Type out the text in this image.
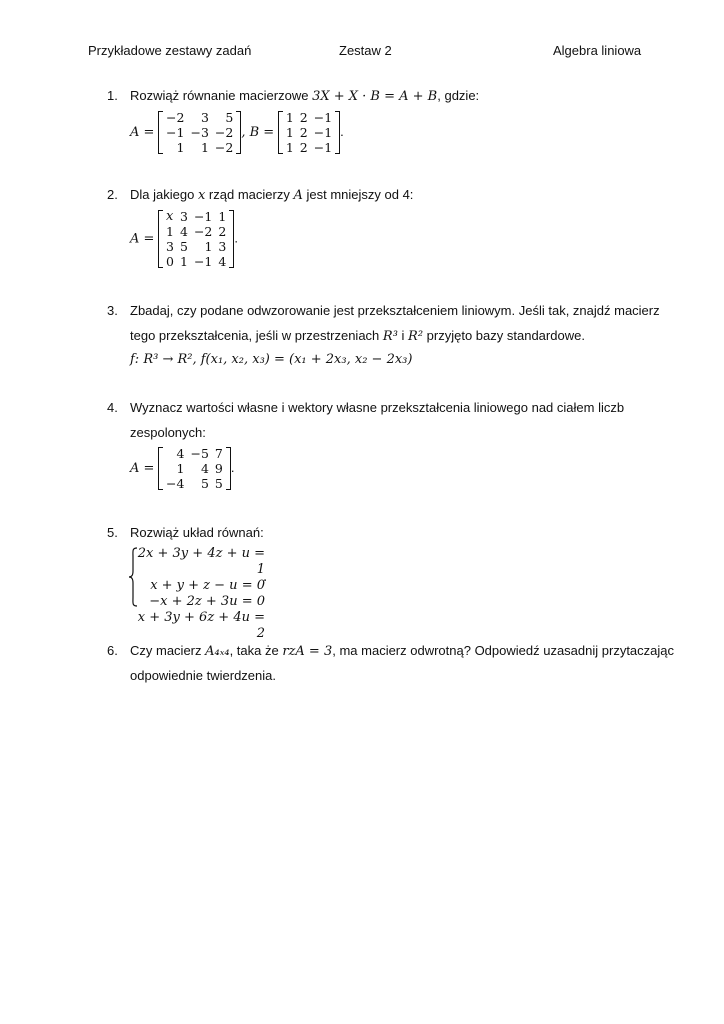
Przykładowe zestawy zadań	Zestaw 2	Algebra liniowa
1. Rozwiąż równanie macierzowe 3X + X · B = A + B, gdzie:
A =
−2	3	5
−1 −3 −2
1	1 −2
, B =
1 2 −1
1 2 −1
1 2 −1
.
2. Dla jakiego x rząd macierzy A jest mniejszy od 4:
A =
x 3 −1 1
1 4 −2 2
3 5	1 3
0 1 −1 4
.
3. Zbadaj, czy podane odwzorowanie jest przekształceniem liniowym. Jeśli tak, znajdź macierz
tego przekształcenia, jeśli w przestrzeniach R³ i R² przyjęto bazy standardowe.
f: R³ → R², f(x₁, x₂, x₃) = (x₁ + 2x₃, x₂ − 2x₃)
4. Wyznacz wartości własne i wektory własne przekształcenia liniowego nad ciałem liczb
zespolonych:
A =
4 −5 7
1	4 9
−4	5 5
.
5. Rozwiąż układ równań:
2x + 3y + 4z + u = 1
x + y + z − u = 0
−x + 2z + 3u = 0
x + 3y + 6z + 4u = 2
.
6. Czy macierz A₄ₓ₄, taka że rzA = 3, ma macierz odwrotną? Odpowiedź uzasadnij przytaczając
odpowiednie twierdzenia.
